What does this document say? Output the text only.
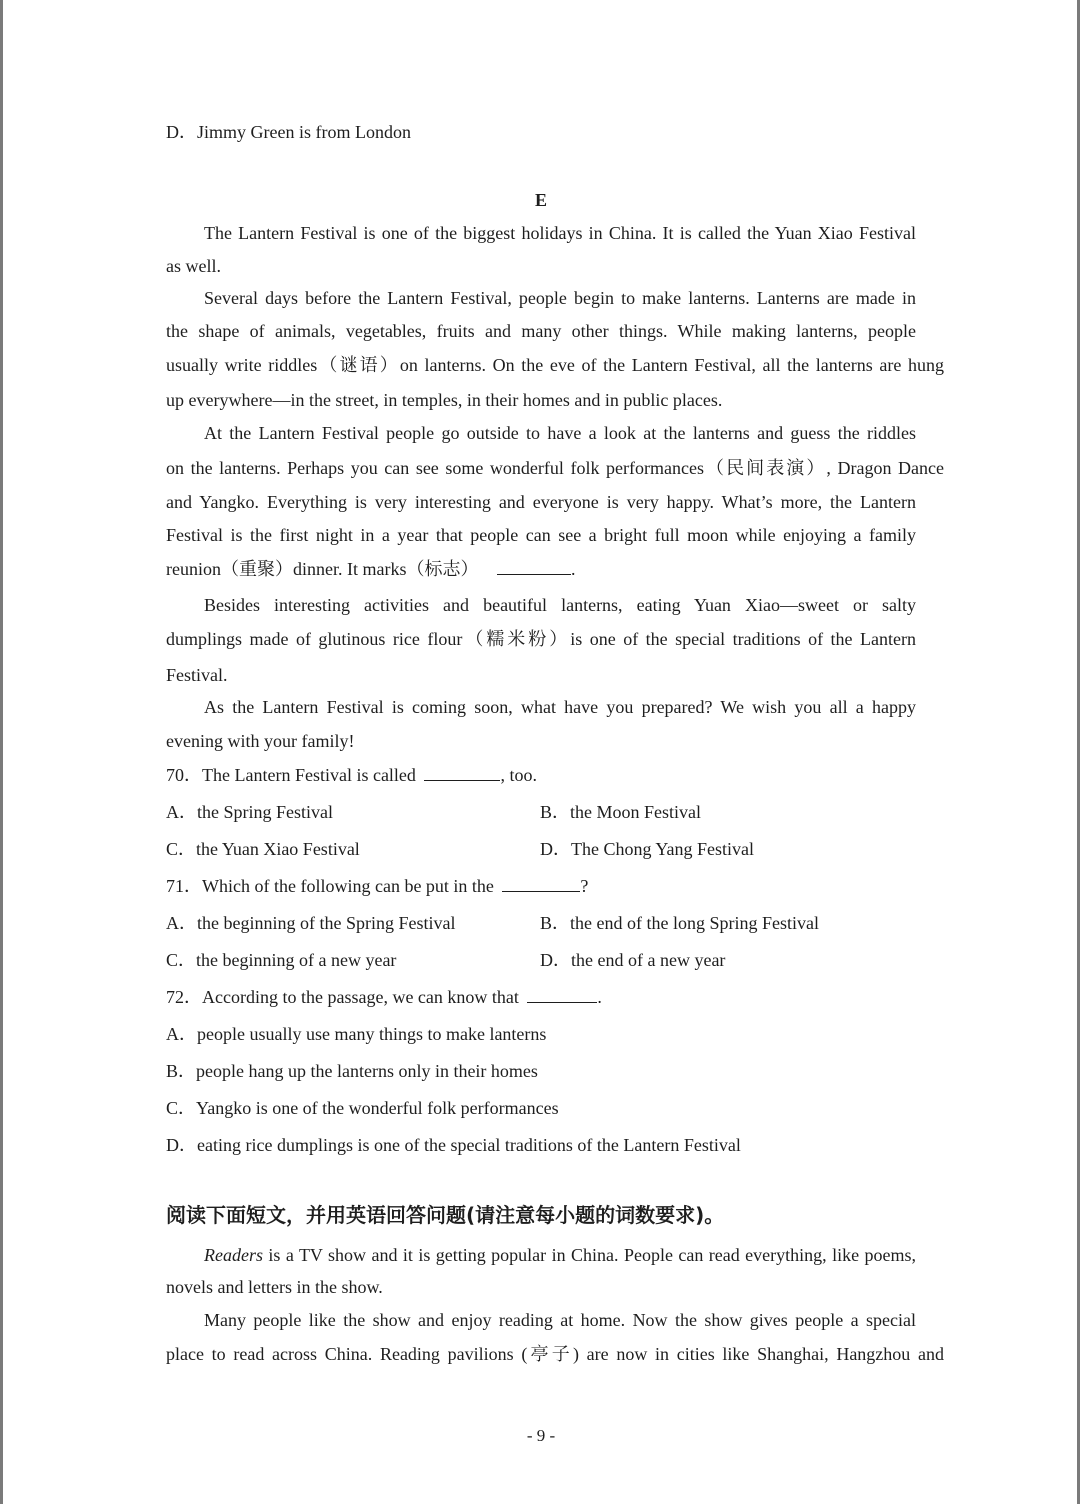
D．Jimmy Green is from London
E
The Lantern Festival is one of the biggest holidays in China. It is called the Yuan Xiao Festival
as well.
Several days before the Lantern Festival, people begin to make lanterns. Lanterns are made in
the shape of animals, vegetables, fruits and many other things. While making lanterns, people
usually write riddles（谜语）on lanterns. On the eve of the Lantern Festival, all the lanterns are hung
up everywhere—in the street, in temples, in their homes and in public places.
At the Lantern Festival people go outside to have a look at the lanterns and guess the riddles
on the lanterns. Perhaps you can see some wonderful folk performances（民间表演）, Dragon Dance
and Yangko. Everything is very interesting and everyone is very happy. What’s more, the Lantern
Festival is the first night in a year that people can see a bright full moon while enjoying a family
reunion（重聚）dinner. It marks（标志）	.
Besides interesting activities and beautiful lanterns, eating Yuan Xiao—sweet or salty
dumplings made of glutinous rice flour（糯米粉）is one of the special traditions of the Lantern
Festival.
As the Lantern Festival is coming soon, what have you prepared? We wish you all a happy
evening with your family!
70．The Lantern Festival is called	, too.
A．the Spring Festival	B．the Moon Festival
C．the Yuan Xiao Festival	D．The Chong Yang Festival
71．Which of the following can be put in the	?
A．the beginning of the Spring Festival	B．the end of the long Spring Festival
C．the beginning of a new year	D．the end of a new year
72．According to the passage, we can know that	.
A．people usually use many things to make lanterns
B．people hang up the lanterns only in their homes
C．Yangko is one of the wonderful folk performances
D．eating rice dumplings is one of the special traditions of the Lantern Festival
阅读下面短文，并用英语回答问题(请注意每小题的词数要求)。
Readers is a TV show and it is getting popular in China. People can read everything, like poems,
novels and letters in the show.
Many people like the show and enjoy reading at home. Now the show gives people a special
place to read across China. Reading pavilions (亭子) are now in cities like Shanghai, Hangzhou and
- 9 -
